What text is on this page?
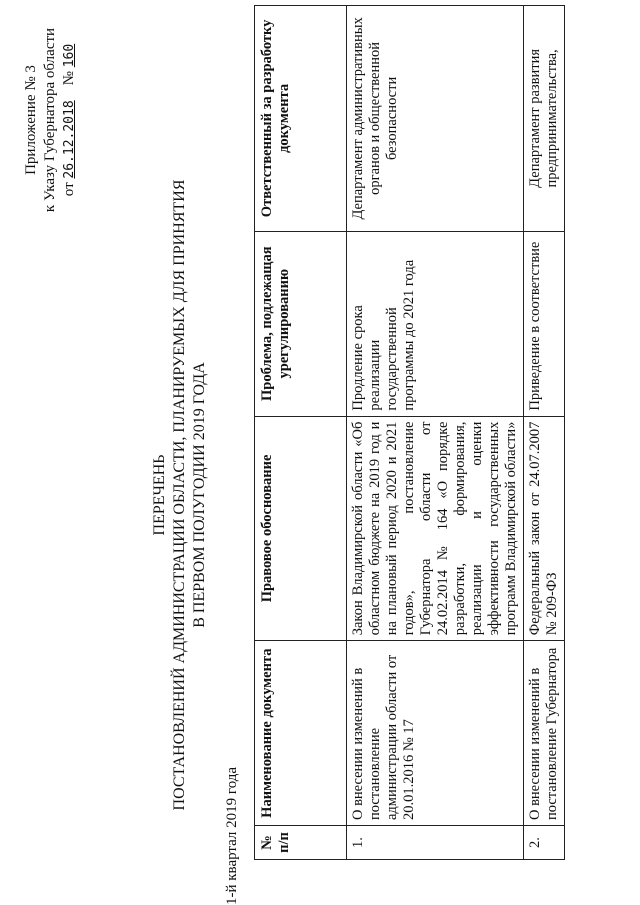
Приложение № 3 к Указу Губернатора области от 26.12.2018    № 160
ПЕРЕЧЕНЬ ПОСТАНОВЛЕНИЙ АДМИНИСТРАЦИИ ОБЛАСТИ, ПЛАНИРУЕМЫХ ДЛЯ ПРИНЯТИЯ В ПЕРВОМ ПОЛУГОДИИ 2019 ГОДА
1-й квартал 2019 года № п/п	Наименование документа	Правовое обоснование	Проблема, подлежащая урегулированию	Ответственный за разработку документа
1.	О внесении изменений в постановление администрации области от 20.01.2016 № 17	Закон Владимирской области «Об областном бюджете на 2019 год и на плановый период 2020 и 2021 годов», постановление Губернатора области от 24.02.2014 № 164 «О порядке разработки, формирования, реализации и оценки эффективности государственных программ Владимирской области»	Продление срока реализации государственной программы до 2021 года	Департамент административных органов и общественной безопасности
2.	О внесении изменений в постановление Губернатора	Федеральный закон от 24.07.2007 № 209-ФЗ	Приведение в соответствие	Департамент развития предпринимательства,
